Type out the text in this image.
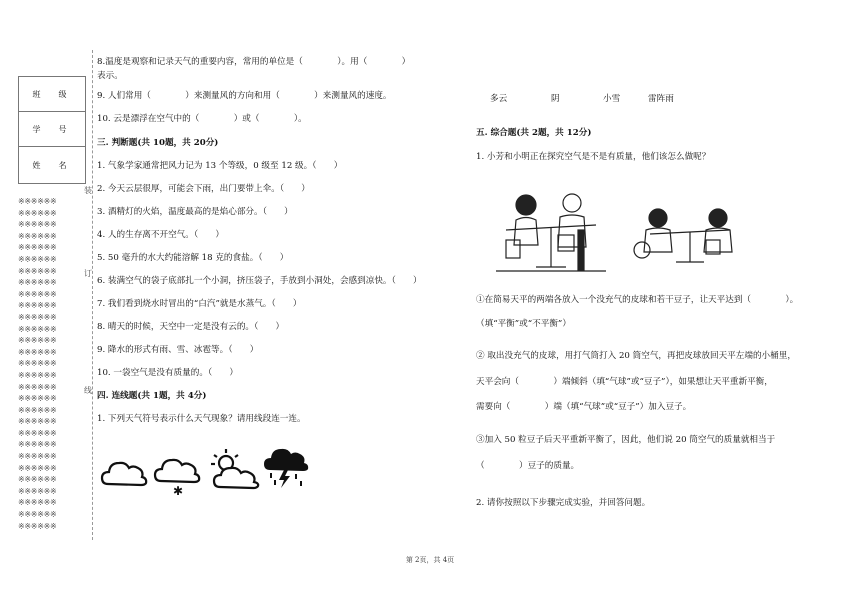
班　级
学　号
姓　名
※※※※※※
※※※※※※
※※※※※※
※※※※※※
※※※※※※
※※※※※※
※※※※※※
※※※※※※
※※※※※※
※※※※※※
※※※※※※
※※※※※※
※※※※※※
※※※※※※
※※※※※※
※※※※※※
※※※※※※
※※※※※※
※※※※※※
※※※※※※
※※※※※※
※※※※※※
※※※※※※
※※※※※※
※※※※※※
※※※※※※
※※※※※※
※※※※※※
※※※※※※
装
订
线
8.温度是观察和记录天气的重要内容，常用的单位是（　　　　）。用（　　　　）
表示。
9. 人们常用（　　　　）来测量风的方向和用（　　　　）来测量风的速度。
10. 云是漂浮在空气中的（　　　　）或（　　　　）。
三. 判断题(共 10题，共 20分)
1. 气象学家通常把风力记为 13 个等级，0 级至 12 级。（　　）
2. 今天云层很厚，可能会下雨，出门要带上伞。（　　）
3. 酒精灯的火焰，温度最高的是焰心部分。（　　）
4. 人的生存离不开空气。（　　）
5. 50 毫升的水大约能溶解 18 克的食盐。（　　）
6. 装满空气的袋子底部扎一个小洞，挤压袋子，手放到小洞处，会感到凉快。（　　）
7. 我们看到烧水时冒出的“白汽”就是水蒸气。（　　）
8. 晴天的时候，天空中一定是没有云的。（　　）
9. 降水的形式有雨、雪、冰雹等。（　　）
10. 一袋空气是没有质量的。（　　）
四. 连线题(共 1题，共 4分)
1. 下列天气符号表示什么天气现象？请用线段连一连。
✱
多云	阴	小雪	雷阵雨
五. 综合题(共 2题，共 12分)
1. 小芳和小明正在探究空气是不是有质量，他们该怎么做呢？
①在简易天平的两端各放入一个没充气的皮球和若干豆子，让天平达到（　　　　）。
（填“平衡”或“不平衡”）
② 取出没充气的皮球，用打气筒打入 20 筒空气，再把皮球放回天平左端的小桶里，
天平会向（　　　　）端倾斜（填“气球”或“豆子”），如果想让天平重新平衡，
需要向（　　　　）端（填“气球”或“豆子”）加入豆子。
③加入 50 粒豆子后天平重新平衡了，因此，他们说 20 筒空气的质量就相当于
（　　　　）豆子的质量。
2. 请你按照以下步骤完成实验，并回答问题。
第 2页，共 4页
